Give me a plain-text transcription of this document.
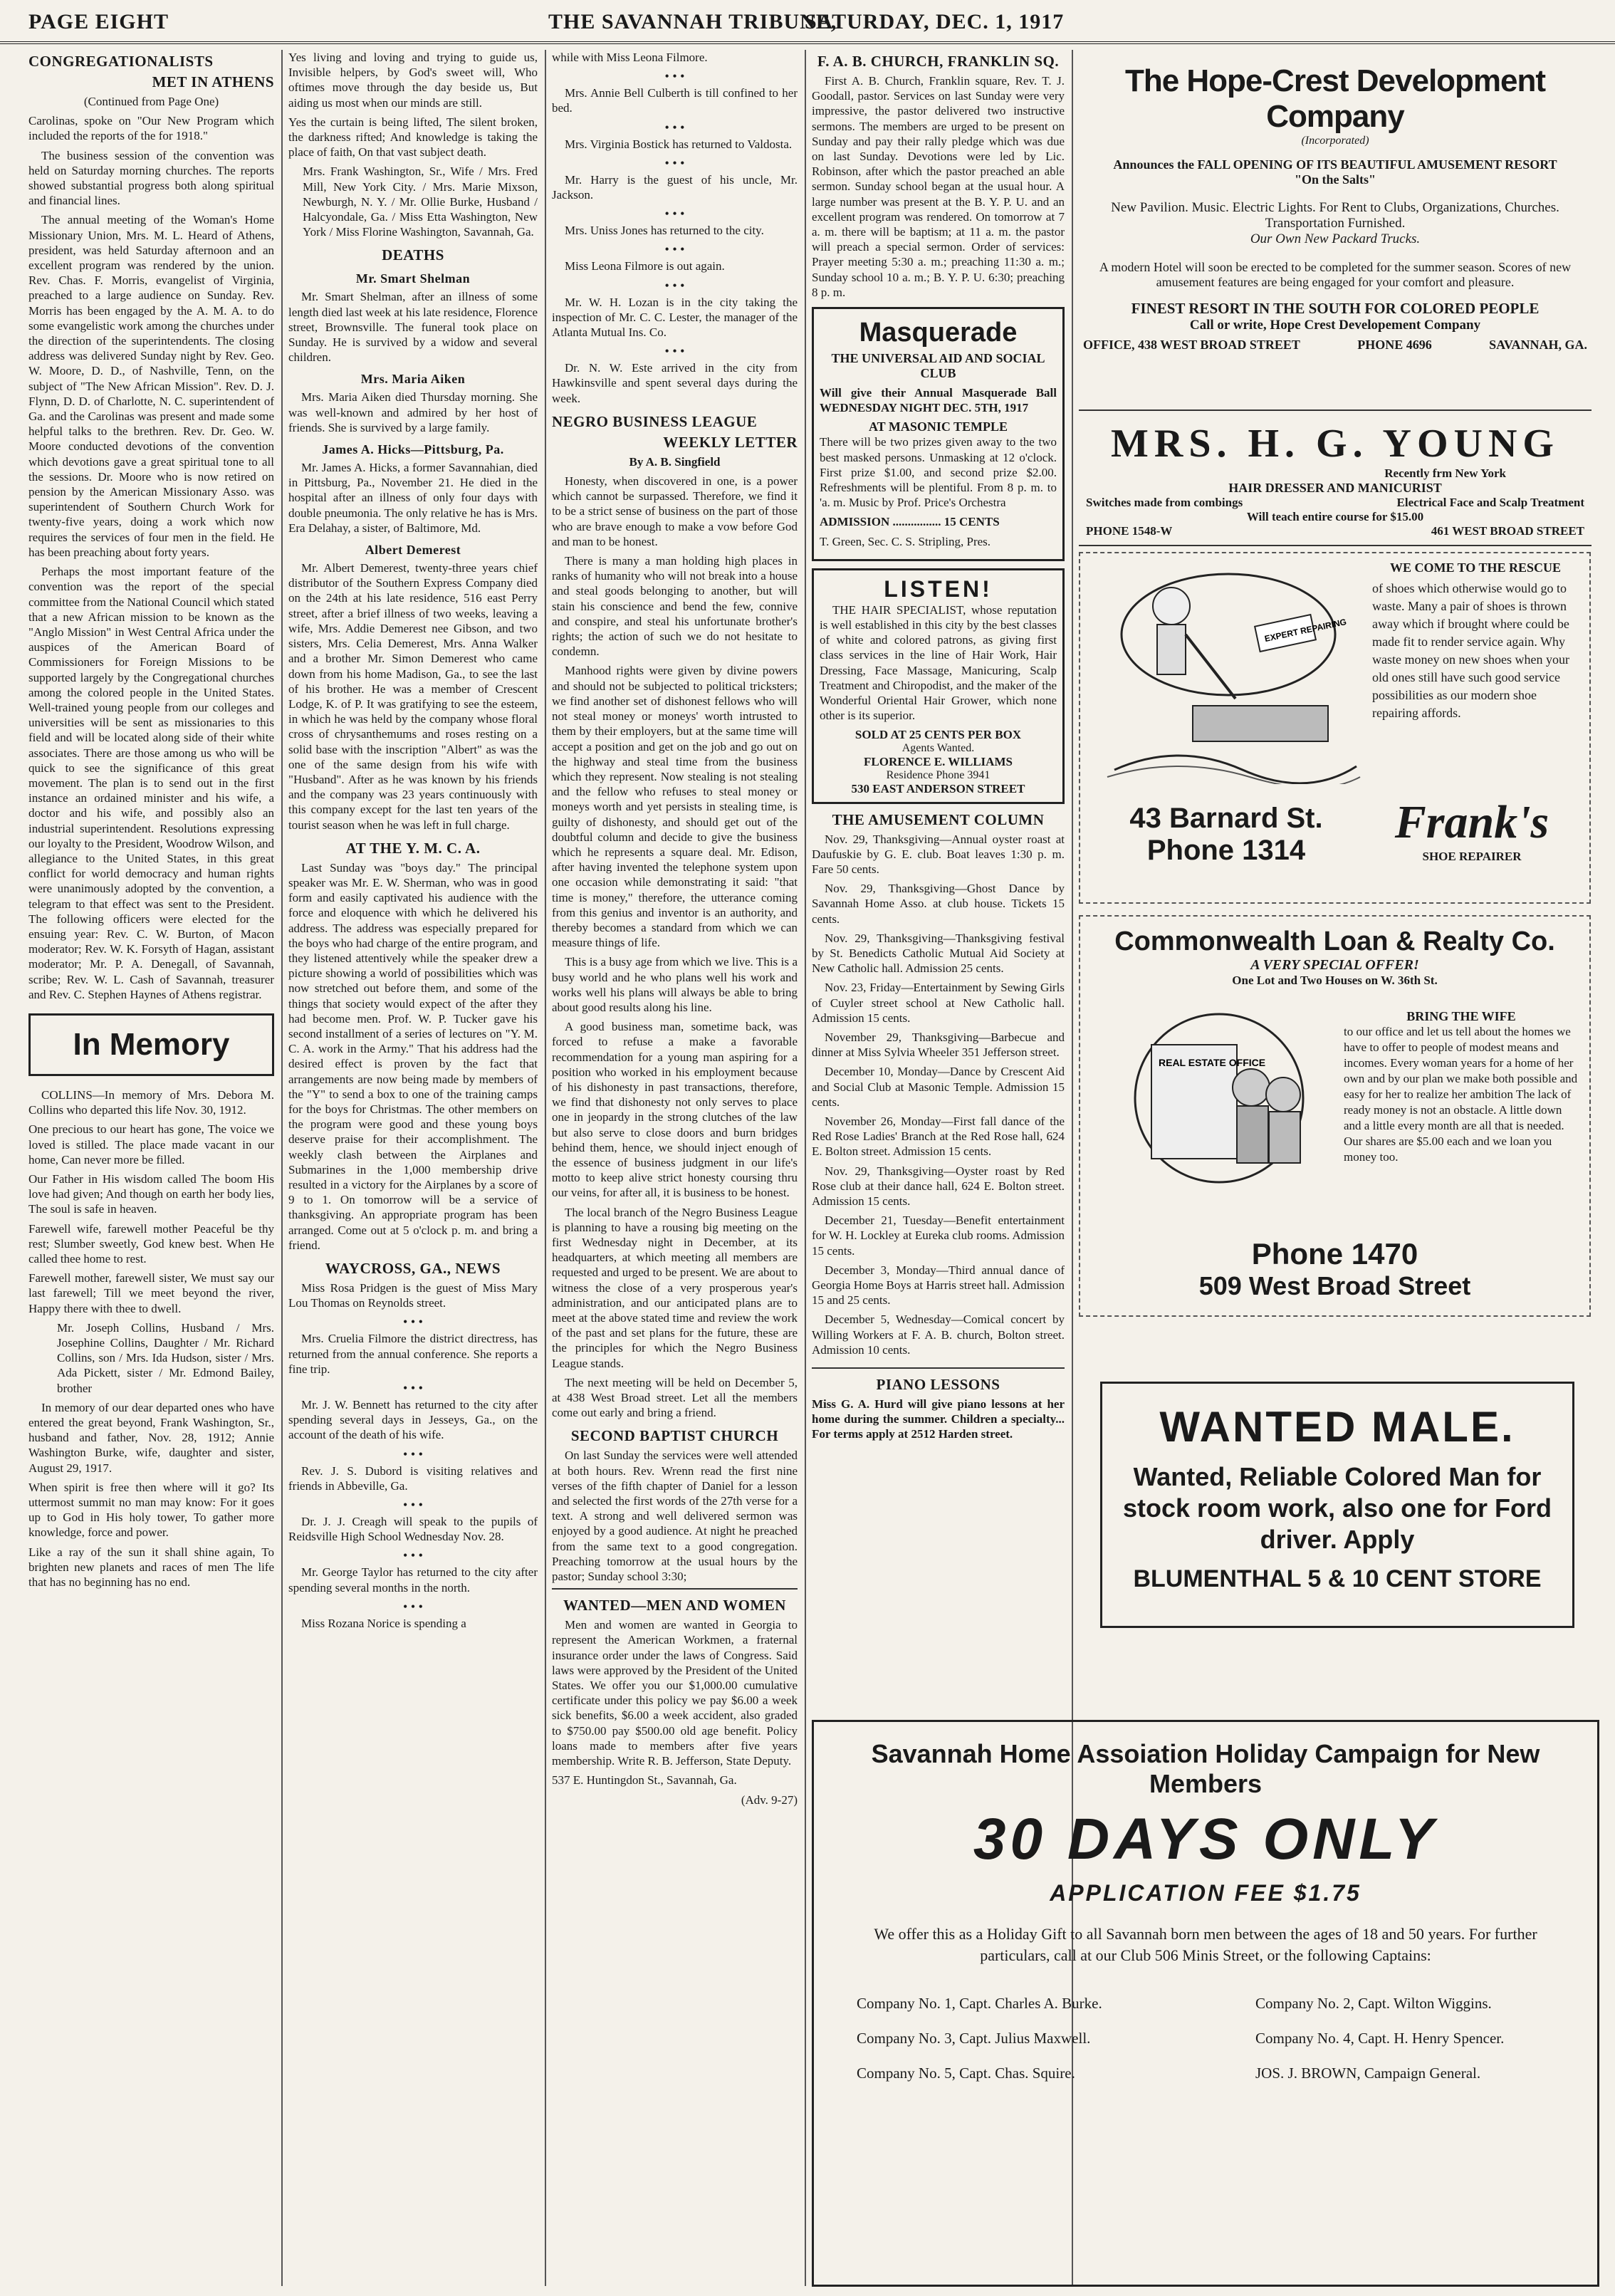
PAGE EIGHT	THE SAVANNAH TRIBUNE,
SATURDAY, DEC. 1, 1917
CONGREGATIONALISTS
MET IN ATHENS
(Continued from Page One)
Carolinas, spoke on "Our New Program which included the reports of the for 1918."
The business session of the convention was held on Saturday morning churches. The reports showed substantial progress both along spiritual and financial lines.
The annual meeting of the Woman's Home Missionary Union, Mrs. M. L. Heard of Athens, president, was held Saturday afternoon and an excellent program was rendered by the union. Rev. Chas. F. Morris, evangelist of Virginia, preached to a large audience on Sunday. Rev. Morris has been engaged by the A. M. A. to do some evangelistic work among the churches under the direction of the superintendents. The closing address was delivered Sunday night by Rev. Geo. W. Moore, D. D., of Nashville, Tenn, on the subject of "The New African Mission". Rev. D. J. Flynn, D. D. of Charlotte, N. C. superintendent of Ga. and the Carolinas was present and made some helpful talks to the brethren. Rev. Dr. Geo. W. Moore conducted devotions of the convention which devotions gave a great spiritual tone to all the sessions. Dr. Moore who is now retired on pension by the American Missionary Asso. was superintendent of Southern Church Work for twenty-five years, doing a work which now requires the services of four men in the field. He has been preaching about forty years.
Perhaps the most important feature of the convention was the report of the special committee from the National Council which stated that a new African mission to be known as the "Anglo Mission" in West Central Africa under the auspices of the American Board of Commissioners for Foreign Missions to be supported largely by the Congregational churches among the colored people in the United States. Well-trained young people from our colleges and universities will be sent as missionaries to this field and will be located along side of their white associates. There are those among us who will be quick to see the significance of this great movement. The plan is to send out in the first instance an ordained minister and his wife, a doctor and his wife, and possibly also an industrial superintendent. Resolutions expressing our loyalty to the President, Woodrow Wilson, and allegiance to the United States, in this great conflict for world democracy and human rights were unanimously adopted by the convention, a telegram to that effect was sent to the President. The following officers were elected for the ensuing year: Rev. C. W. Burton, of Macon moderator; Rev. W. K. Forsyth of Hagan, assistant moderator; Mr. P. A. Denegall, of Savannah, scribe; Rev. W. L. Cash of Savannah, treasurer and Rev. C. Stephen Haynes of Athens registrar.
In Memory
COLLINS—In memory of Mrs. Debora M. Collins who departed this life Nov. 30, 1912.
One precious to our heart has gone, The voice we loved is stilled. The place made vacant in our home, Can never more be filled.
Our Father in His wisdom called The boom His love had given; And though on earth her body lies, The soul is safe in heaven.
Farewell wife, farewell mother Peaceful be thy rest; Slumber sweetly, God knew best. When He called thee home to rest.
Farewell mother, farewell sister, We must say our last farewell; Till we meet beyond the river, Happy there with thee to dwell.
Mr. Joseph Collins, Husband / Mrs. Josephine Collins, Daughter / Mr. Richard Collins, son / Mrs. Ida Hudson, sister / Mrs. Ada Pickett, sister / Mr. Edmond Bailey, brother
In memory of our dear departed ones who have entered the great beyond, Frank Washington, Sr., husband and father, Nov. 28, 1912; Annie Washington Burke, wife, daughter and sister, August 29, 1917.
When spirit is free then where will it go? Its uttermost summit no man may know: For it goes up to God in His holy tower, To gather more knowledge, force and power.
Like a ray of the sun it shall shine again, To brighten new planets and races of men The life that has no beginning has no end.
Yes living and loving and trying to guide us, Invisible helpers, by God's sweet will, Who oftimes move through the day beside us, But aiding us most when our minds are still.
Yes the curtain is being lifted, The silent broken, the darkness rifted; And knowledge is taking the place of faith, On that vast subject death.
Mrs. Frank Washington, Sr., Wife / Mrs. Fred Mill, New York City. / Mrs. Marie Mixson, Newburgh, N. Y. / Mr. Ollie Burke, Husband / Halcyondale, Ga. / Miss Etta Washington, New York / Miss Florine Washington, Savannah, Ga.
DEATHS
Mr. Smart Shelman
Mr. Smart Shelman, after an illness of some length died last week at his late residence, Florence street, Brownsville. The funeral took place on Sunday. He is survived by a widow and several children.
Mrs. Maria Aiken
Mrs. Maria Aiken died Thursday morning. She was well-known and admired by her host of friends. She is survived by a large family.
James A. Hicks—Pittsburg, Pa.
Mr. James A. Hicks, a former Savannahian, died in Pittsburg, Pa., November 21. He died in the hospital after an illness of only four days with double pneumonia. The only relative he has is Mrs. Era Delahay, a sister, of Baltimore, Md.
Albert Demerest
Mr. Albert Demerest, twenty-three years chief distributor of the Southern Express Company died on the 24th at his late residence, 516 east Perry street, after a brief illness of two weeks, leaving a wife, Mrs. Addie Demerest nee Gibson, and two sisters, Mrs. Celia Demerest, Mrs. Anna Walker and a brother Mr. Simon Demerest who came down from his home Madison, Ga., to see the last of his brother. He was a member of Crescent Lodge, K. of P. It was gratifying to see the esteem, in which he was held by the company whose floral cross of chrysanthemums and roses resting on a solid base with the inscription "Albert" as was the one of the same design from his wife with "Husband". After as he was known by his friends and the company was 23 years continuously with this company except for the last ten years of the tourist season when he was left in full charge.
AT THE Y. M. C. A.
Last Sunday was "boys day." The principal speaker was Mr. E. W. Sherman, who was in good form and easily captivated his audience with the force and eloquence with which he delivered his address. The address was especially prepared for the boys who had charge of the entire program, and they listened attentively while the speaker drew a picture showing a world of possibilities which was now stretched out before them, and some of the things that society would expect of the after they had become men. Prof. W. P. Tucker gave his second installment of a series of lectures on "Y. M. C. A. work in the Army." That his address had the desired effect is proven by the fact that arrangements are now being made by members of the "Y" to send a box to one of the training camps for the boys for Christmas. The other members on the program were good and these young boys deserve praise for their accomplishment. The weekly clash between the Airplanes and Submarines in the 1,000 membership drive resulted in a victory for the Airplanes by a score of 9 to 1. On tomorrow will be a service of thanksgiving. An appropriate program has been arranged. Come out at 5 o'clock p. m. and bring a friend.
WAYCROSS, GA., NEWS
Miss Rosa Pridgen is the guest of Miss Mary Lou Thomas on Reynolds street.
• • •
Mrs. Cruelia Filmore the district directress, has returned from the annual conference. She reports a fine trip.
• • •
Mr. J. W. Bennett has returned to the city after spending several days in Jesseys, Ga., on the account of the death of his wife.
• • •
Rev. J. S. Dubord is visiting relatives and friends in Abbeville, Ga.
• • •
Dr. J. J. Creagh will speak to the pupils of Reidsville High School Wednesday Nov. 28.
• • •
Mr. George Taylor has returned to the city after spending several months in the north.
• • •
Miss Rozana Norice is spending a
while with Miss Leona Filmore.
• • •
Mrs. Annie Bell Culberth is till confined to her bed.
• • •
Mrs. Virginia Bostick has returned to Valdosta.
• • •
Mr. Harry is the guest of his uncle, Mr. Jackson.
• • •
Mrs. Uniss Jones has returned to the city.
• • •
Miss Leona Filmore is out again.
• • •
Mr. W. H. Lozan is in the city taking the inspection of Mr. C. C. Lester, the manager of the Atlanta Mutual Ins. Co.
• • •
Dr. N. W. Este arrived in the city from Hawkinsville and spent several days during the week.
NEGRO BUSINESS LEAGUE
WEEKLY LETTER
By A. B. Singfield
Honesty, when discovered in one, is a power which cannot be surpassed. Therefore, we find it to be a strict sense of business on the part of those who are brave enough to make a vow before God and man to be honest.
There is many a man holding high places in ranks of humanity who will not break into a house and steal goods belonging to another, but will stain his conscience and bend the few, connive and conspire, and steal his unfortunate brother's rights; the action of such we do not hesitate to condemn.
Manhood rights were given by divine powers and should not be subjected to political tricksters; we find another set of dishonest fellows who will not steal money or moneys' worth intrusted to them by their employers, but at the same time will accept a position and get on the job and go out on the highway and steal time from the business which they represent. Now stealing is not stealing and the fellow who refuses to steal money or moneys worth and yet persists in stealing time, is guilty of dishonesty, and should get out of the doubtful column and decide to give the business which he represents a square deal. Mr. Edison, after having invented the telephone system upon one occasion while demonstrating it said: "that time is money," therefore, the utterance coming from this genius and inventor is an authority, and thereby becomes a standard from which we can measure things of life.
This is a busy age from which we live. This is a busy world and he who plans well his work and works well his plans will always be able to bring about good results along his line.
A good business man, sometime back, was forced to refuse a make a favorable recommendation for a young man aspiring for a position who worked in his employment because of his dishonesty in past transactions, therefore, we find that dishonesty not only serves to place one in jeopardy in the strong clutches of the law but also serve to close doors and burn bridges behind them, hence, we should inject enough of the essence of business judgment in our life's motto to keep alive strict honesty coursing thru our veins, for after all, it is business to be honest.
The local branch of the Negro Business League is planning to have a rousing big meeting on the first Wednesday night in December, at its headquarters, at which meeting all members are requested and urged to be present. We are about to witness the close of a very prosperous year's administration, and our anticipated plans are to meet at the above stated time and review the work of the past and set plans for the future, these are the principles for which the Negro Business League stands.
The next meeting will be held on December 5, at 438 West Broad street. Let all the members come out early and bring a friend.
SECOND BAPTIST CHURCH
On last Sunday the services were well attended at both hours. Rev. Wrenn read the first nine verses of the fifth chapter of Daniel for a lesson and selected the first words of the 27th verse for a text. A strong and well delivered sermon was enjoyed by a good audience. At night he preached from the same text to a good congregation. Preaching tomorrow at the usual hours by the pastor; Sunday school 3:30;
WANTED—MEN AND WOMEN
Men and women are wanted in Georgia to represent the American Workmen, a fraternal insurance order under the laws of Congress. Said laws were approved by the President of the United States. We offer you our $1,000.00 cumulative certificate under this policy we pay $6.00 a week sick benefits, $6.00 a week accident, also graded to $750.00 pay $500.00 old age benefit. Policy loans made to members after five years membership. Write R. B. Jefferson, State Deputy.
537 E. Huntingdon St., Savannah, Ga.
(Adv. 9-27)
F. A. B. CHURCH, FRANKLIN SQ.
First A. B. Church, Franklin square, Rev. T. J. Goodall, pastor. Services on last Sunday were very impressive, the pastor delivered two instructive sermons. The members are urged to be present on Sunday and pay their rally pledge which was due on last Sunday. Devotions were led by Lic. Robinson, after which the pastor preached an able sermon. Sunday school began at the usual hour. A large number was present at the B. Y. P. U. and an excellent program was rendered. On tomorrow at 7 a. m. there will be baptism; at 11 a. m. the pastor will preach a special sermon. Order of services: Prayer meeting 5:30 a. m.; preaching 11:30 a. m.; Sunday school 10 a. m.; B. Y. P. U. 6:30; preaching 8 p. m.
Masquerade
THE UNIVERSAL AID AND SOCIAL CLUB
Will give their Annual Masquerade Ball WEDNESDAY NIGHT DEC. 5TH, 1917
AT MASONIC TEMPLE
There will be two prizes given away to the two best masked persons. Unmasking at 12 o'clock. First prize $1.00, and second prize $2.00. Refreshments will be plentiful. From 8 p. m. to 'a. m. Music by Prof. Price's Orchestra
ADMISSION ................ 15 CENTS
T. Green, Sec. C. S. Stripling, Pres.
LISTEN!
THE HAIR SPECIALIST, whose reputation is well established in this city by the best classes of white and colored patrons, as giving first class services in the line of Hair Work, Hair Dressing, Face Massage, Manicuring, Scalp Treatment and Chiropodist, and the maker of the Wonderful Oriental Hair Grower, which none other is its superior.
SOLD AT 25 CENTS PER BOX
Agents Wanted.
FLORENCE E. WILLIAMS
Residence Phone 3941
530 EAST ANDERSON STREET
THE AMUSEMENT COLUMN
Nov. 29, Thanksgiving—Annual oyster roast at Daufuskie by G. E. club. Boat leaves 1:30 p. m. Fare 50 cents.
Nov. 29, Thanksgiving—Ghost Dance by Savannah Home Asso. at club house. Tickets 15 cents.
Nov. 29, Thanksgiving—Thanksgiving festival by St. Benedicts Catholic Mutual Aid Society at New Catholic hall. Admission 25 cents.
Nov. 23, Friday—Entertainment by Sewing Girls of Cuyler street school at New Catholic hall. Admission 15 cents.
November 29, Thanksgiving—Barbecue and dinner at Miss Sylvia Wheeler 351 Jefferson street.
December 10, Monday—Dance by Crescent Aid and Social Club at Masonic Temple. Admission 15 cents.
November 26, Monday—First fall dance of the Red Rose Ladies' Branch at the Red Rose hall, 624 E. Bolton street. Admission 15 cents.
Nov. 29, Thanksgiving—Oyster roast by Red Rose club at their dance hall, 624 E. Bolton street. Admission 15 cents.
December 21, Tuesday—Benefit entertainment for W. H. Lockley at Eureka club rooms. Admission 15 cents.
December 3, Monday—Third annual dance of Georgia Home Boys at Harris street hall. Admission 15 and 25 cents.
December 5, Wednesday—Comical concert by Willing Workers at F. A. B. church, Bolton street. Admission 10 cents.
PIANO LESSONS
Miss G. A. Hurd will give piano lessons at her home during the summer. Children a specialty... For terms apply at 2512 Harden street.
The Hope-Crest Development Company
(Incorporated)
Announces the FALL OPENING OF ITS BEAUTIFUL AMUSEMENT RESORT
"On the Salts"
New Pavilion. Music. Electric Lights. For Rent to Clubs, Organizations, Churches. Transportation Furnished.
Our Own New Packard Trucks.
A modern Hotel will soon be erected to be completed for the summer season. Scores of new amusement features are being engaged for your comfort and pleasure.
FINEST RESORT IN THE SOUTH FOR COLORED PEOPLE
Call or write, Hope Crest Developement Company
OFFICE, 438 WEST BROAD STREET	PHONE 4696	SAVANNAH, GA.
MRS. H. G. YOUNG
Recently frm New York
HAIR DRESSER AND MANICURIST
Switches made from combings	Electrical Face and Scalp Treatment
Will teach entire course for $15.00
PHONE 1548-W	461 WEST BROAD STREET
EXPERT REPAIRING
WE COME TO THE RESCUE
of shoes which otherwise would go to waste. Many a pair of shoes is thrown away which if brought where could be made fit to render service again. Why waste money on new shoes when your old ones still have such good service possibilities as our modern shoe repairing affords.
43 Barnard St.
Phone 1314
Frank's
SHOE REPAIRER
Commonwealth Loan & Realty Co.
A VERY SPECIAL OFFER!
One Lot and Two Houses on W. 36th St.
REAL ESTATE OFFICE
BRING THE WIFE
to our office and let us tell about the homes we have to offer to people of modest means and incomes. Every woman years for a home of her own and by our plan we make both possible and easy for her to realize her ambition The lack of ready money is not an obstacle. A little down and a little every month are all that is needed. Our shares are $5.00 each and we loan you money too.
Phone 1470
509 West Broad Street
WANTED MALE.
Wanted, Reliable Colored Man for stock room work, also one for Ford driver. Apply
BLUMENTHAL 5 & 10 CENT STORE
Savannah Home Assoiation Holiday Campaign for New Members
30 DAYS ONLY
APPLICATION FEE $1.75
We offer this as a Holiday Gift to all Savannah born men between the ages of 18 and 50 years. For further particulars, call at our Club 506 Minis Street, or the following Captains:
Company No. 1, Capt. Charles A. Burke.	Company No. 2, Capt. Wilton Wiggins.
Company No. 3, Capt. Julius Maxwell.	Company No. 4, Capt. H. Henry Spencer.
Company No. 5, Capt. Chas. Squire.	JOS. J. BROWN, Campaign General.
